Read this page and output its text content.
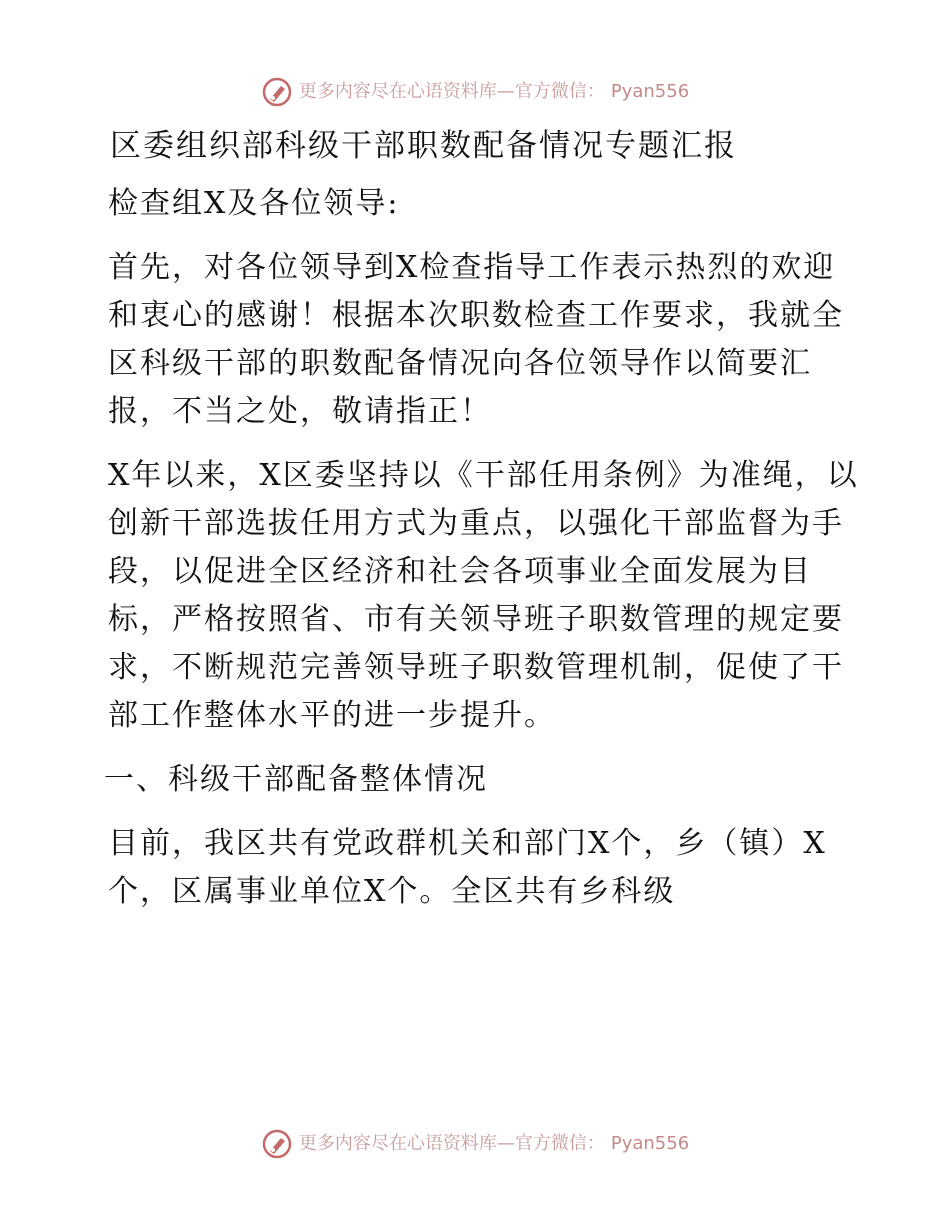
更多内容尽在心语资料库—官方微信： Pyan556
区委组织部科级干部职数配备情况专题汇报
检查组X及各位领导:
首先，对各位领导到X检查指导工作表示热烈的欢迎和衷心的感谢！根据本次职数检查工作要求，我就全区科级干部的职数配备情况向各位领导作以简要汇报，不当之处，敬请指正！
X年以来，X区委坚持以《干部任用条例》为准绳，以创新干部选拔任用方式为重点，以强化干部监督为手段，以促进全区经济和社会各项事业全面发展为目标，严格按照省、市有关领导班子职数管理的规定要求，不断规范完善领导班子职数管理机制，促使了干部工作整体水平的进一步提升。
一、科级干部配备整体情况
目前，我区共有党政群机关和部门X个，乡（镇）X个，区属事业单位X个。全区共有乡科级
更多内容尽在心语资料库—官方微信： Pyan556
